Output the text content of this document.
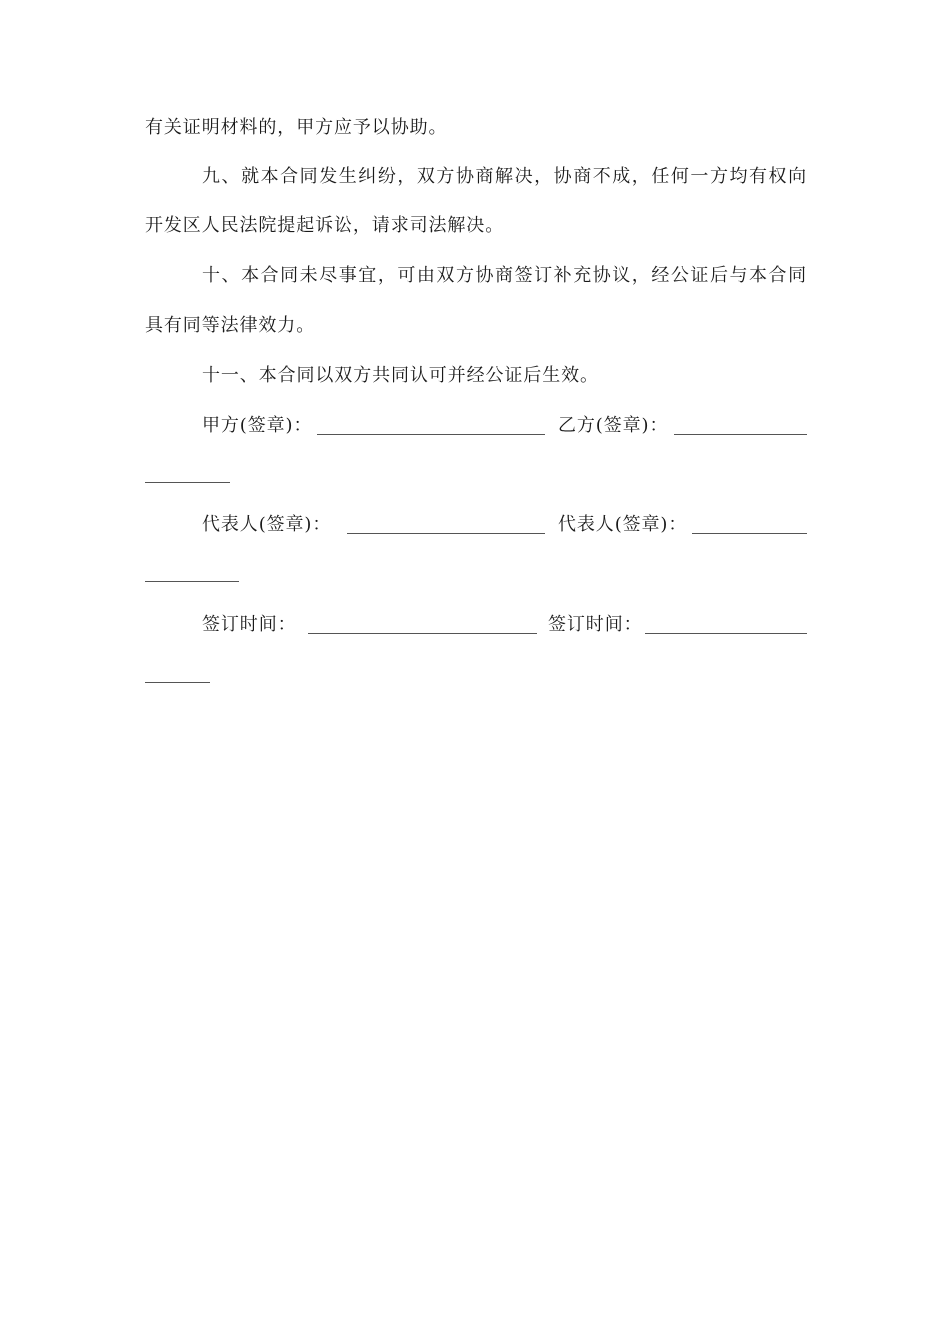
有关证明材料的，甲方应予以协助。
九、就本合同发生纠纷，双方协商解决，协商不成，任何一方均有权向
开发区人民法院提起诉讼，请求司法解决。
十、本合同未尽事宜，可由双方协商签订补充协议，经公证后与本合同
具有同等法律效力。
十一、本合同以双方共同认可并经公证后生效。
甲方(签章)：	乙方(签章)：
代表人(签章)：	代表人(签章)：
签订时间：	签订时间：
